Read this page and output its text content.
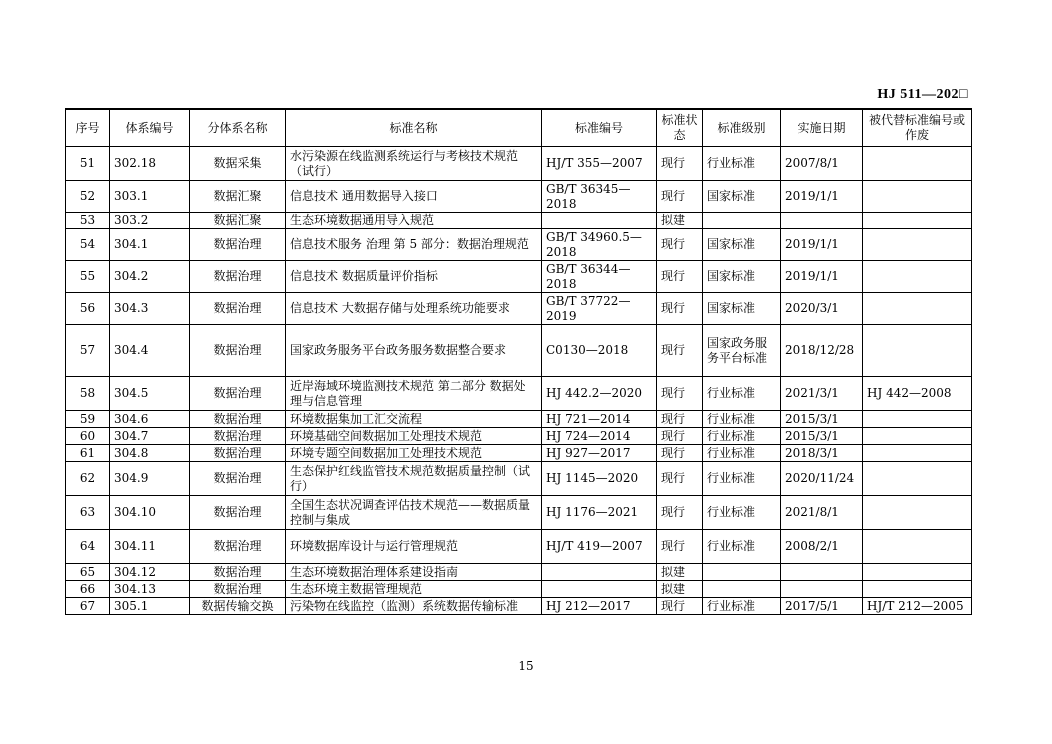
HJ 511—202□
序号	体系编号	分体系名称	标准名称	标准编号	标准状态	标准级别	实施日期	被代替标准编号或作废
51	302.18	数据采集	水污染源在线监测系统运行与考核技术规范（试行）	HJ/T 355—2007	现行	行业标准	2007/8/1	
52	303.1	数据汇聚	信息技术 通用数据导入接口	GB/T 36345—2018	现行	国家标准	2019/1/1	
53	303.2	数据汇聚	生态环境数据通用导入规范		拟建			
54	304.1	数据治理	信息技术服务 治理 第 5 部分：数据治理规范	GB/T 34960.5—2018	现行	国家标准	2019/1/1	
55	304.2	数据治理	信息技术 数据质量评价指标	GB/T 36344—2018	现行	国家标准	2019/1/1	
56	304.3	数据治理	信息技术 大数据存储与处理系统功能要求	GB/T 37722—2019	现行	国家标准	2020/3/1	
57	304.4	数据治理	国家政务服务平台政务服务数据整合要求	C0130—2018	现行	国家政务服务平台标准	2018/12/28	
58	304.5	数据治理	近岸海域环境监测技术规范 第二部分 数据处理与信息管理	HJ 442.2—2020	现行	行业标准	2021/3/1	HJ 442—2008
59	304.6	数据治理	环境数据集加工汇交流程	HJ 721—2014	现行	行业标准	2015/3/1	
60	304.7	数据治理	环境基础空间数据加工处理技术规范	HJ 724—2014	现行	行业标准	2015/3/1	
61	304.8	数据治理	环境专题空间数据加工处理技术规范	HJ 927—2017	现行	行业标准	2018/3/1	
62	304.9	数据治理	生态保护红线监管技术规范数据质量控制（试行）	HJ 1145—2020	现行	行业标准	2020/11/24	
63	304.10	数据治理	全国生态状况调查评估技术规范——数据质量控制与集成	HJ 1176—2021	现行	行业标准	2021/8/1	
64	304.11	数据治理	环境数据库设计与运行管理规范	HJ/T 419—2007	现行	行业标准	2008/2/1	
65	304.12	数据治理	生态环境数据治理体系建设指南		拟建			
66	304.13	数据治理	生态环境主数据管理规范		拟建			
67	305.1	数据传输交换	污染物在线监控（监测）系统数据传输标准	HJ 212—2017	现行	行业标准	2017/5/1	HJ/T 212—2005
15
